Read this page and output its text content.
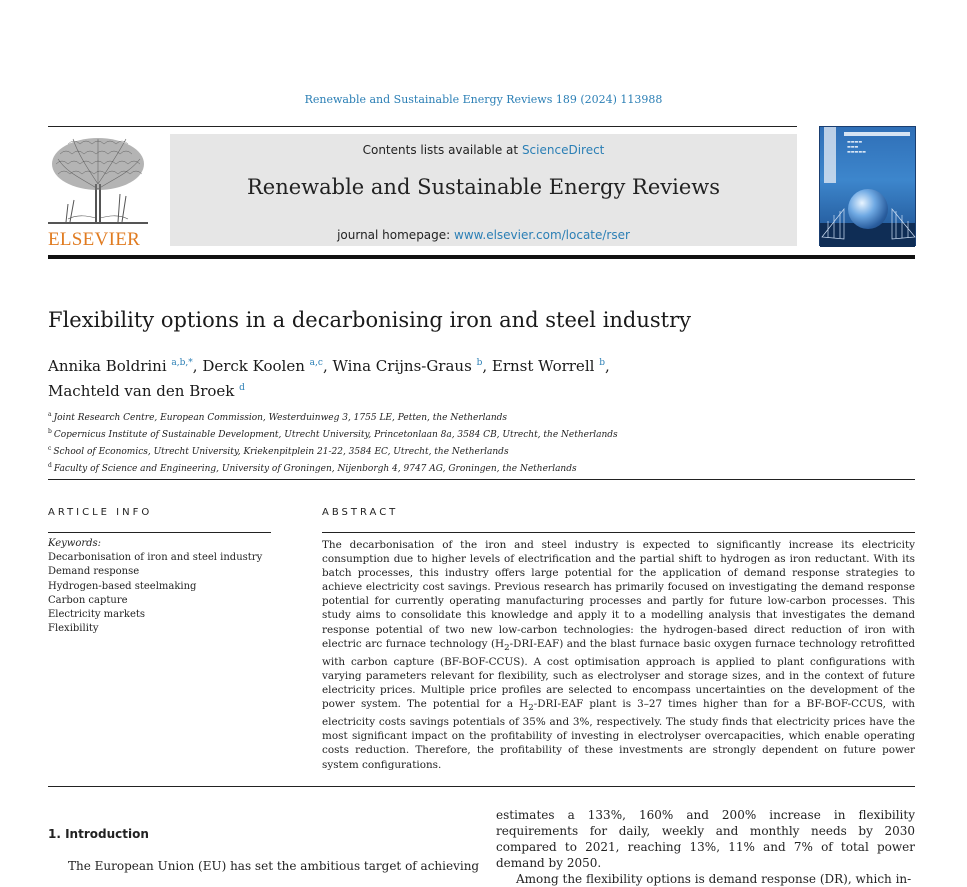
Renewable and Sustainable Energy Reviews 189 (2024) 113988
ELSEVIER
Contents lists available at ScienceDirect
Renewable and Sustainable Energy Reviews
journal homepage: www.elsevier.com/locate/rser
▬▬▬▬
▬▬▬
▬▬▬▬▬
Flexibility options in a decarbonising iron and steel industry
Annika Boldrini $^{a,b,*}$, Derck Koolen $^{a,c}$, Wina Crijns-Graus $^b$, Ernst Worrell $^b$,
Machteld van den Broek $^d$
$^a$ Joint Research Centre, European Commission, Westerduinweg 3, 1755 LE, Petten, the Netherlands
$^b$ Copernicus Institute of Sustainable Development, Utrecht University, Princetonlaan 8a, 3584 CB, Utrecht, the Netherlands
$^c$ School of Economics, Utrecht University, Kriekenpitplein 21-22, 3584 EC, Utrecht, the Netherlands
$^d$ Faculty of Science and Engineering, University of Groningen, Nijenborgh 4, 9747 AG, Groningen, the Netherlands
ARTICLE INFO
Keywords:
Decarbonisation of iron and steel industry
Demand response
Hydrogen-based steelmaking
Carbon capture
Electricity markets
Flexibility
ABSTRACT
The decarbonisation of the iron and steel industry is expected to significantly increase its electricity consumption due to higher levels of electrification and the partial shift to hydrogen as iron reductant. With its batch processes, this industry offers large potential for the application of demand response strategies to achieve electricity cost savings. Previous research has primarily focused on investigating the demand response potential for currently operating manufacturing processes and partly for future low-carbon processes. This study aims to consolidate this knowledge and apply it to a modelling analysis that investigates the demand response potential of two new low-carbon technologies: the hydrogen-based direct reduction of iron with electric arc furnace technology $(H_2-DRI-EAF)$ and the blast furnace basic oxygen furnace technology retrofitted with carbon capture (BF-BOF-CCUS). A cost optimisation approach is applied to plant configurations with varying parameters relevant for flexibility, such as electrolyser and storage sizes, and in the context of future electricity prices. Multiple price profiles are selected to encompass uncertainties on the development of the power system. The potential for a $H_2-DRI$-EAF plant is 3–27 times higher than for a BF-BOF-CCUS, with electricity costs savings potentials of 35% and 3%, respectively. The study finds that electricity prices have the most significant impact on the profitability of investing in electrolyser overcapacities, which enable operating costs reduction. Therefore, the profitability of these investments are strongly dependent on future power system configurations.
1. Introduction
The European Union (EU) has set the ambitious target of achieving

estimates a 133%, 160% and 200% increase in flexibility requirements for daily, weekly and monthly needs by 2030 compared to 2021, reaching 13%, 11% and 7% of total power demand by 2050.

Among the flexibility options is demand response (DR), which in-
